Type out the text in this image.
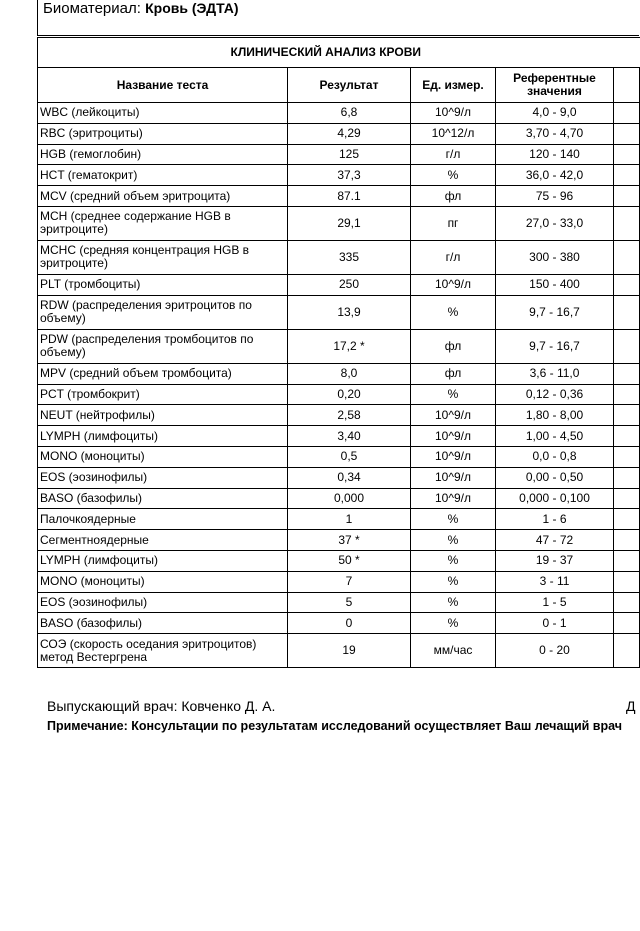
Биоматериал: Кровь (ЭДТА)
КЛИНИЧЕСКИЙ АНАЛИЗ КРОВИ				
Название теста	Результат	Ед. измер.	Референтные значения	
WBC (лейкоциты)	6,8	10^9/л	4,0 - 9,0	
RBC (эритроциты)	4,29	10^12/л	3,70 - 4,70	
HGB (гемоглобин)	125	г/л	120 - 140	
HCT (гематокрит)	37,3	%	36,0 - 42,0	
MCV (средний объем эритроцита)	87.1	фл	75 - 96	
MCH (среднее содержание HGB в эритроците)	29,1	пг	27,0 - 33,0	
MCHC (средняя концентрация HGB в эритроците)	335	г/л	300 - 380	
PLT (тромбоциты)	250	10^9/л	150 - 400	
RDW (распределения эритроцитов по объему)	13,9	%	9,7 - 16,7	
PDW (распределения тромбоцитов по объему)	17,2 *	фл	9,7 - 16,7	
MPV (средний объем тромбоцита)	8,0	фл	3,6 - 11,0	
PCT (тромбокрит)	0,20	%	0,12 - 0,36	
NEUT (нейтрофилы)	2,58	10^9/л	1,80 - 8,00	
LYMPH (лимфоциты)	3,40	10^9/л	1,00 - 4,50	
MONO (моноциты)	0,5	10^9/л	0,0 - 0,8	
EOS (эозинофилы)	0,34	10^9/л	0,00 - 0,50	
BASO (базофилы)	0,000	10^9/л	0,000 - 0,100	
Палочкоядерные	1	%	1 - 6	
Сегментноядерные	37 *	%	47 - 72	
LYMPH (лимфоциты)	50 *	%	19 - 37	
MONO (моноциты)	7	%	3 - 11	
EOS (эозинофилы)	5	%	1 - 5	
BASO (базофилы)	0	%	0 - 1	
СОЭ (скорость оседания эритроцитов) метод Вестергрена	19	мм/час	0 - 20	
Выпускающий врач: Ковченко Д. А.	Д
Примечание: Консультации по результатам исследований осуществляет Ваш лечащий врач
